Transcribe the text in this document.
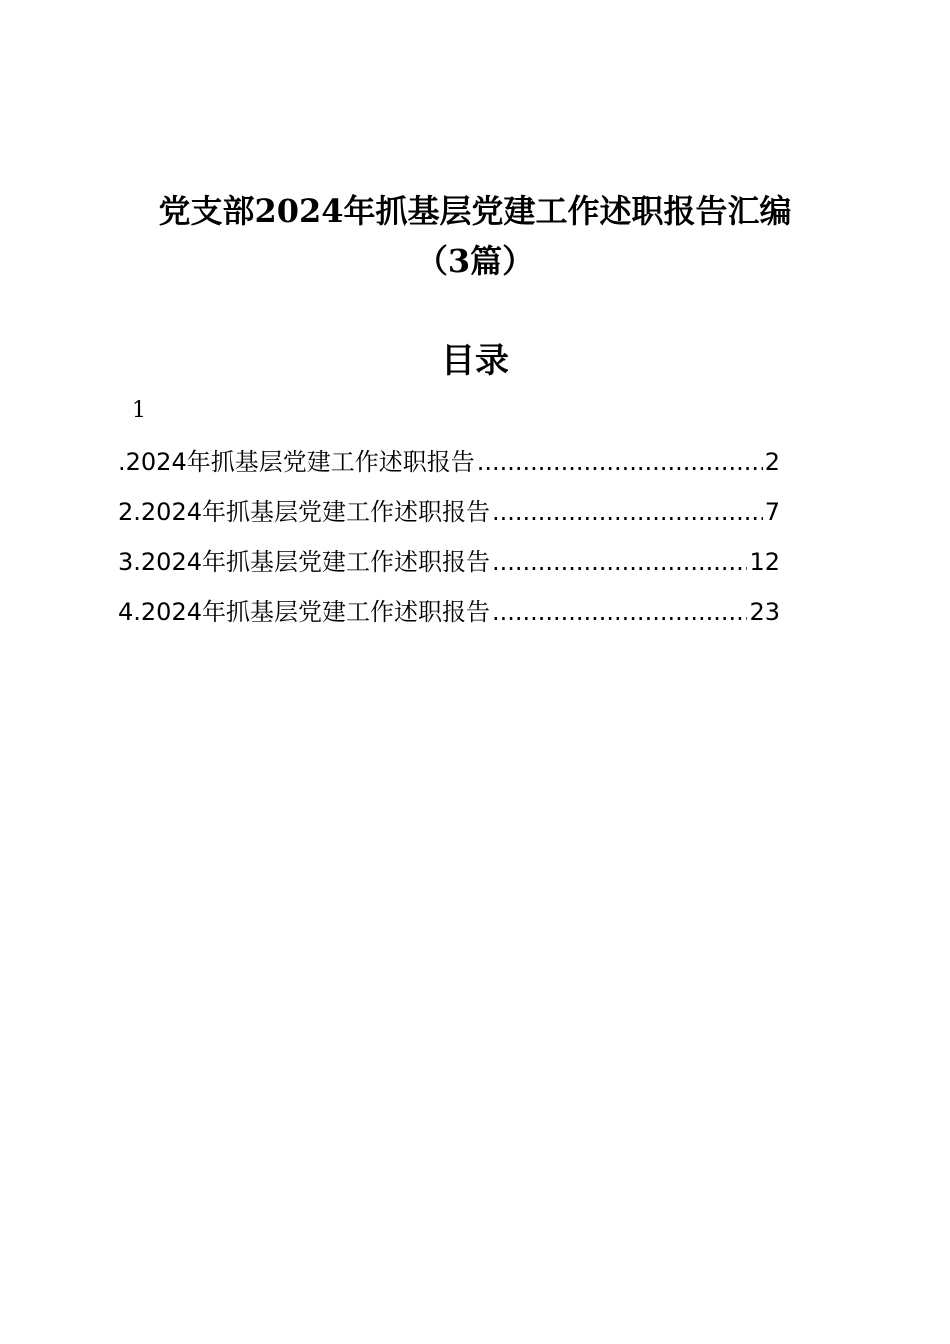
党支部2024年抓基层党建工作述职报告汇编
（3篇）
目录
1
.2024年抓基层党建工作述职报告 .....	2
2.2024年抓基层党建工作述职报告 .....	7
3.2024年抓基层党建工作述职报告 .....	12
4.2024年抓基层党建工作述职报告 .....	23
